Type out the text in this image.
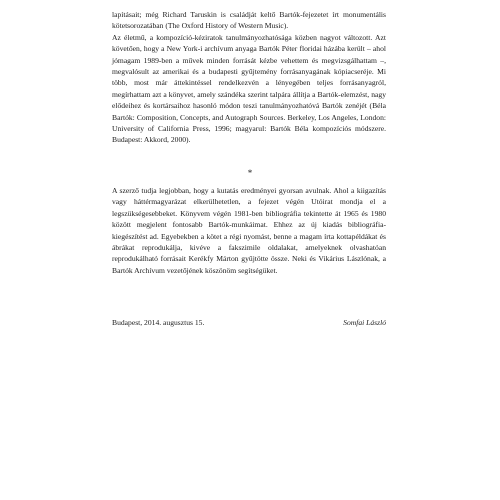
lapításait; még Richard Taruskin is családját keltő Bartók-fejezetet írt monumentális kötetsorozatában (The Oxford History of Western Music).

Az életmű, a kompozíció-kéziratok tanulmányozhatósága közben nagyot változott. Azt követően, hogy a New York-i archívum anyaga Bartók Péter floridai házába került – ahol jómagam 1989-ben a művek minden forrását kézbe vehettem és megvizsgálhattam –, megvalósult az amerikai és a budapesti gyűjtemény forrásanyagának kópiacseréje. Mi több, most már áttekintéssel rendelkezvén a lényegében teljes forrásanyagról, megírhattam azt a könyvet, amely szándéka szerint talpára állítja a Bartók-elemzést, nagy elődeihez és kortársaihoz hasonló módon teszi tanulmányozhatóvá Bartók zenéjét (Béla Bartók: Composition, Concepts, and Autograph Sources. Berkeley, Los Angeles, London: University of California Press, 1996; magyarul: Bartók Béla kompozíciós módszere. Budapest: Akkord, 2000).

*

A szerző tudja legjobban, hogy a kutatás eredményei gyorsan avulnak. Ahol a kiigazítás vagy háttérmagyarázat elkerülhetetlen, a fejezet végén Utóirat mondja el a legszükségesebbeket. Könyvem végén 1981-ben bibliográfia tekintette át 1965 és 1980 között megjelent fontosabb Bartók-munkáimat. Ehhez az új kiadás bibliográfia-kiegészítést ad. Egyebekben a kötet a régi nyomást, benne a magam írta kottapéldákat és ábrákat reprodukálja, kivéve a fakszimile oldalakat, amelyeknek olvashatóan reprodukálható forrásait Kerékfy Márton gyűjtötte össze. Neki és Vikárius Lászlónak, a Bartók Archívum vezetőjének köszönöm segítségüket.

Budapest, 2014. augusztus 15.	Somfai László
